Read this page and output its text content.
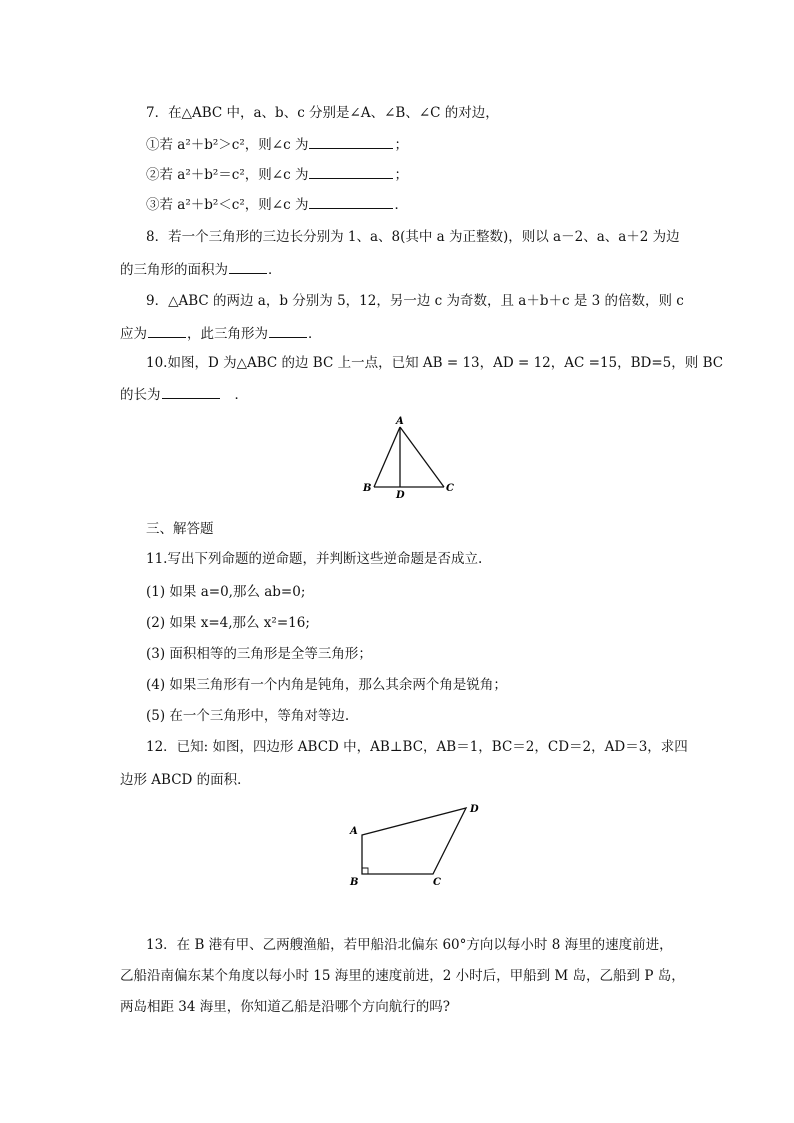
7．在△ABC 中，a、b、c 分别是∠A、∠B、∠C 的对边，
①若 a²＋b²＞c²，则∠c 为	；
②若 a²＋b²＝c²，则∠c 为	；
③若 a²＋b²＜c²，则∠c 为	．
8．若一个三角形的三边长分别为 1、a、8(其中 a 为正整数)，则以 a－2、a、a＋2 为边
的三角形的面积为	．
9．△ABC 的两边 a，b 分别为 5，12，另一边 c 为奇数，且 a＋b＋c 是 3 的倍数，则 c
应为	，此三角形为	．
10.如图，D 为△ABC 的边 BC 上一点，已知 AB = 13，AD = 12，AC =15，BD=5，则 BC
的长为	．
A
B	C
D
三、解答题
11.写出下列命题的逆命题，并判断这些逆命题是否成立.
(1) 如果 a=0,那么 ab=0;
(2) 如果 x=4,那么 x²=16;
(3) 面积相等的三角形是全等三角形；
(4) 如果三角形有一个内角是钝角，那么其余两个角是锐角；
(5) 在一个三角形中，等角对等边.
12．已知: 如图，四边形 ABCD 中，AB⊥BC，AB＝1，BC＝2，CD＝2，AD＝3，求四
边形 ABCD 的面积．
A
B	C
D
13．在 B 港有甲、乙两艘渔船，若甲船沿北偏东 60°方向以每小时 8 海里的速度前进，
乙船沿南偏东某个角度以每小时 15 海里的速度前进，2 小时后，甲船到 M 岛，乙船到 P 岛，
两岛相距 34 海里，你知道乙船是沿哪个方向航行的吗?
